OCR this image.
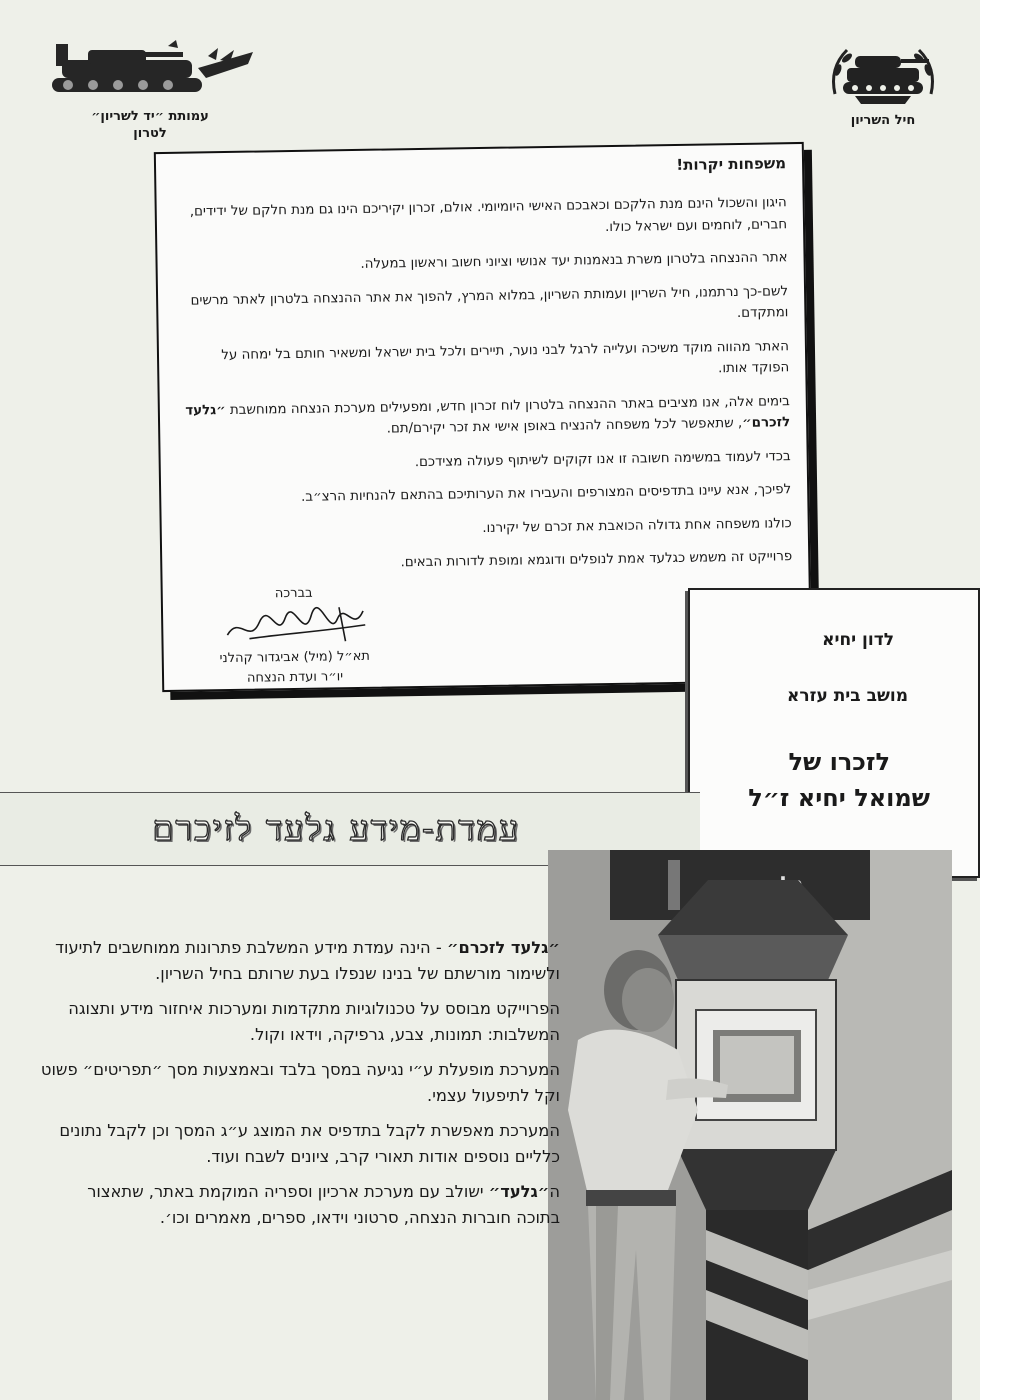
עמותת ״יד לשריון״
לטרון
חיל השריון
משפחות יקרות!

היגון והשכול הינם מנת הלקכם וכאבכם האישי היומיומי. אולם, זכרון יקיריכם הינו גם מנת חלקם של ידידים, חברים, לוחמים ועם ישראל כולו.

אתר ההנצחה בלטרון משרת בנאמנות יעד אנושי וציוני חשוב וראשון במעלה.

לשם-כך נרתמנו, חיל השריון ועמותת השריון, במלוא המרץ, להפוך את אתר ההנצחה בלטרון לאתר מרשים ומתקדם.

האתר מהווה מוקד משיכה ועלייה לרגל לבני נוער, תיירים ולכל בית ישראל ומשאיר חותם בל ימחה על הפוקד אותו.

בימים אלה, אנו מציבים באתר ההנצחה בלטרון לוח זכרון חדש, ומפעילים מערכת הנצחה ממוחשבת ״גלעד לזכרם״, שתאפשר לכל משפחה להנציח באופן אישי את זכר יקירם/תם.

בכדי לעמוד במשימה חשובה זו אנו זקוקים לשיתוף פעולה מצידכם.

לפיכך, אנא עיינו בתדפיסים המצורפים והעבירו את הערותיכם בהתאם להנחיות הרצ״ב.

כולנו משפחה אחת גדולה הכואבת את זכרם של יקירנו.

פרוייקט זה משמש כגלעד אמת לנופלים ודוגמא ומופת לדורות הבאים.

בברכה
תא״ל (מיל) אביגדור קהלני
יו״ר ועדת הנצחה
לדון יחיא
מושב בית עזרא
לזכרו של
שמואל יחיא ז״ל
עמדת-מידע גלעד לזיכרם

״גלעד לזכרם״ - הינה עמדת מידע המשלבת פתרונות ממוחשבים לתיעוד ולשימור מורשתם של בנינו שנפלו בעת שרותם בחיל השריון.

הפרוייקט מבוסס על טכנולוגיות מתקדמות ומערכות איחזור מידע ותצוגה המשלבות: תמונות, צבע, גרפיקה, וידאו וקול.

המערכת מופעלת ע״י נגיעה במסך בלבד ובאמצעות מסך ״תפריטים״ פשוט וקל לתיפעול עצמי.

המערכת מאפשרת לקבל בתדפיס את המוצג ע״ג המסך וכן לקבל נתונים כלליים נוספים אודות תאורי קרב, ציונים לשבח ועוד.

ה״גלעד״ ישולב עם מערכת ארכיון וספריה המוקמת באתר, שתאצור בתוכה חוברות הנצחה, סרטוני וידאו, ספרים, מאמרים וכו׳.
